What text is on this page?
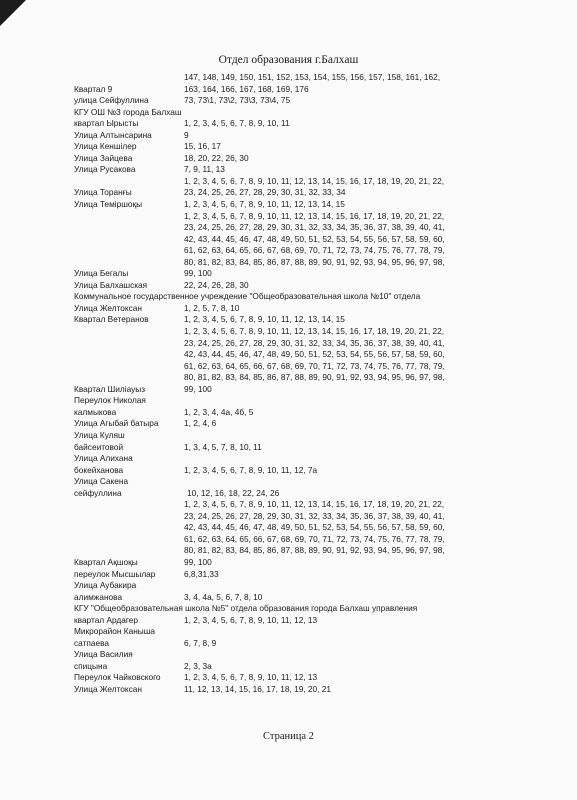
Отдел образования г.Балхаш
147, 148, 149, 150, 151, 152, 153, 154, 155, 156, 157, 158, 161, 162,
Квартал 9	163, 164, 166, 167, 168, 169, 176
улица Сейфуллина	73, 73\1, 73\2, 73\3, 73\4, 75
КГУ ОШ №3 города Балхаш
квартал Ырысты	1, 2, 3, 4, 5, 6, 7, 8, 9, 10, 11
Улица Алтынсарина	9
Улица Кеншiлер	15, 16, 17
Улица Зайцева	18, 20, 22, 26, 30
Улица Русакова	7, 9, 11, 13
1, 2, 3, 4, 5, 6, 7, 8, 9, 10, 11, 12, 13, 14, 15, 16, 17, 18, 19, 20, 21, 22,
Улица Торанғы	23, 24, 25, 26, 27, 28, 29, 30, 31, 32, 33, 34
Улица Темiршоқы	1, 2, 3, 4, 5, 6, 7, 8, 9, 10, 11, 12, 13, 14, 15
1, 2, 3, 4, 5, 6, 7, 8, 9, 10, 11, 12, 13, 14, 15, 16, 17, 18, 19, 20, 21, 22,
23, 24, 25, 26, 27, 28, 29, 30, 31, 32, 33, 34, 35, 36, 37, 38, 39, 40, 41,
42, 43, 44, 45, 46, 47, 48, 49, 50, 51, 52, 53, 54, 55, 56, 57, 58, 59, 60,
61, 62, 63, 64, 65, 66, 67, 68, 69, 70, 71, 72, 73, 74, 75, 76, 77, 78, 79,
80, 81, 82, 83, 84, 85, 86, 87, 88, 89, 90, 91, 92, 93, 94, 95, 96, 97, 98,
Улица Бегалы	99, 100
Улица Балхашская	22, 24, 26, 28, 30
Коммунальное государственное учреждение "Общеобразовательная школа №10" отдела
Улица Желтоксан	1, 2, 5, 7, 8, 10
Квартал Ветеранов	1, 2, 3, 4, 5, 6, 7, 8, 9, 10, 11, 12, 13, 14, 15
1, 2, 3, 4, 5, 6, 7, 8, 9, 10, 11, 12, 13, 14, 15, 16, 17, 18, 19, 20, 21, 22,
23, 24, 25, 26, 27, 28, 29, 30, 31, 32, 33, 34, 35, 36, 37, 38, 39, 40, 41,
42, 43, 44, 45, 46, 47, 48, 49, 50, 51, 52, 53, 54, 55, 56, 57, 58, 59, 60,
61, 62, 63, 64, 65, 66, 67, 68, 69, 70, 71, 72, 73, 74, 75, 76, 77, 78, 79,
80, 81, 82, 83, 84, 85, 86, 87, 88, 89, 90, 91, 92, 93, 94, 95, 96, 97, 98,
Квартал Шилiауыз	99, 100
Переулок Николая
калмыкова	1, 2, 3, 4, 4а, 4б, 5
Улица Агыбай батыра	1, 2, 4, 6
Улица Куляш
байсеитовой	1, 3, 4, 5, 7, 8, 10, 11
Улица Алихана
бокейханова	1, 2, 3, 4, 5, 6, 7, 8, 9, 10, 11, 12, 7а
Улица Сакена
сейфуллина	10, 12, 16, 18, 22, 24, 26
1, 2, 3, 4, 5, 6, 7, 8, 9, 10, 11, 12, 13, 14, 15, 16, 17, 18, 19, 20, 21, 22,
23, 24, 25, 26, 27, 28, 29, 30, 31, 32, 33, 34, 35, 36, 37, 38, 39, 40, 41,
42, 43, 44, 45, 46, 47, 48, 49, 50, 51, 52, 53, 54, 55, 56, 57, 58, 59, 60,
61, 62, 63, 64, 65, 66, 67, 68, 69, 70, 71, 72, 73, 74, 75, 76, 77, 78, 79,
80, 81, 82, 83, 84, 85, 86, 87, 88, 89, 90, 91, 92, 93, 94, 95, 96, 97, 98,
Квартал Ақшоқы	99, 100
переулок Мысшылар	6,8,31,33
Улица Аубакира
алимжанова	3, 4, 4а, 5, 6, 7, 8, 10
КГУ "Общеобразовательная школа №5" отдела образования города Балхаш управления
квартал Ардагер	1, 2, 3, 4, 5, 6, 7, 8, 9, 10, 11, 12, 13
Микрорайон Каныша
сатпаева	6, 7, 8, 9
Улица Василия
спицына	2, 3, 3а
Переулок Чайковского	1, 2, 3, 4, 5, 6, 7, 8, 9, 10, 11, 12, 13
Улица Желтоксан	11, 12, 13, 14, 15, 16, 17, 18, 19, 20, 21
Страница 2
